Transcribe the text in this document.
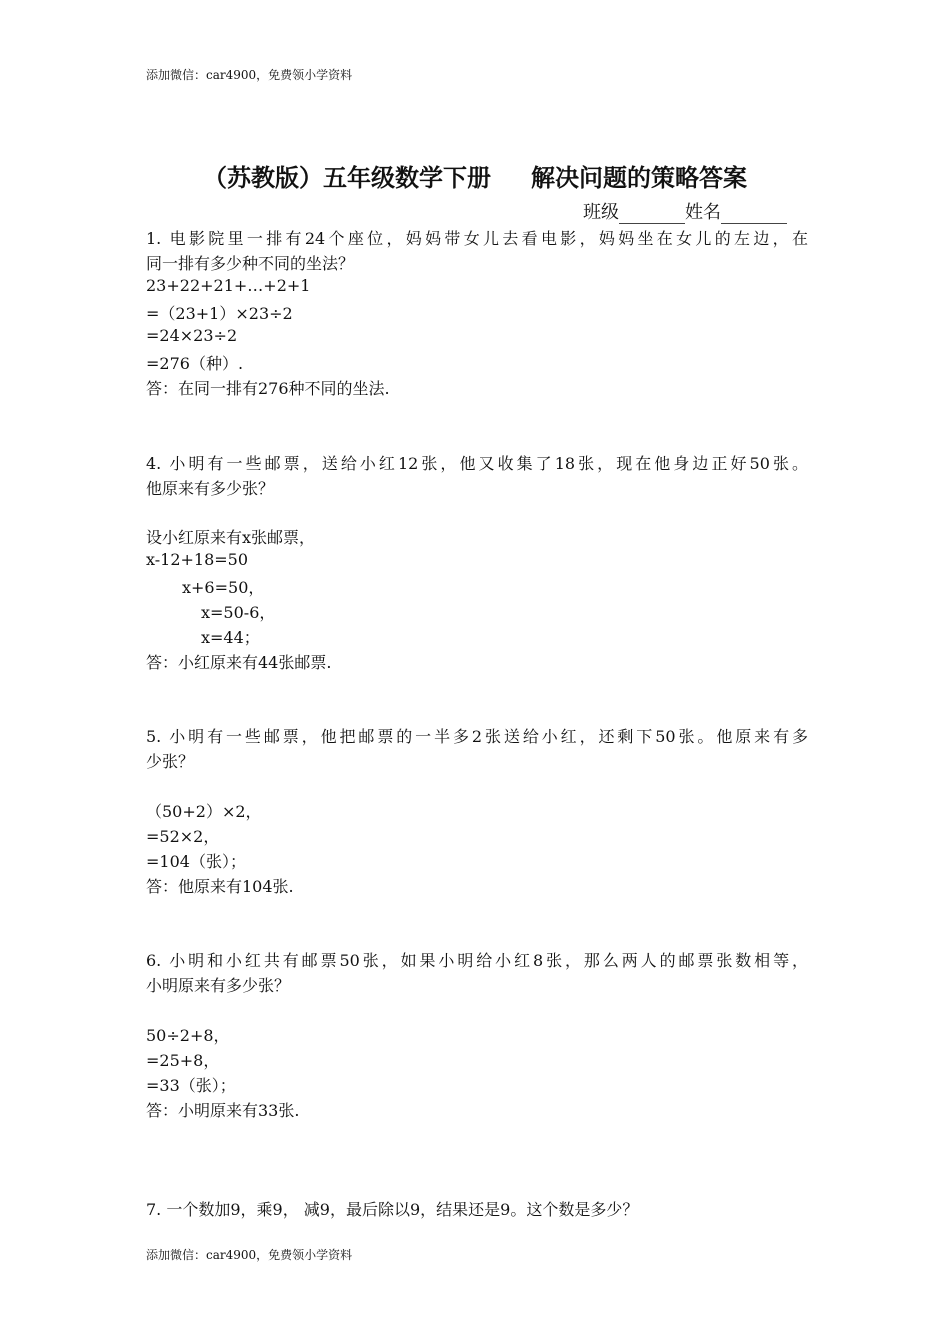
添加微信：car4900，免费领小学资料
（苏教版）五年级数学下册 解决问题的策略答案
班级	姓名
1. 电影院里一排有24个座位，妈妈带女儿去看电影，妈妈坐在女儿的左边，在
同一排有多少种不同的坐法？
23+22+21+…+2+1
=（23+1）×23÷2
=24×23÷2
=276（种）.
答：在同一排有276种不同的坐法.
4. 小明有一些邮票，送给小红12张，他又收集了18张，现在他身边正好50张。
他原来有多少张？
设小红原来有x张邮票，
x-12+18=50
x+6=50，
x=50-6，
x=44；
答：小红原来有44张邮票.
5. 小明有一些邮票，他把邮票的一半多2张送给小红，还剩下50张。他原来有多
少张？
（50+2）×2，
=52×2，
=104（张）；
答：他原来有104张.
6. 小明和小红共有邮票50张，如果小明给小红8张，那么两人的邮票张数相等，
小明原来有多少张？
50÷2+8，
=25+8，
=33（张）；
答：小明原来有33张.
7. 一个数加9，乘9， 减9，最后除以9，结果还是9。这个数是多少？
添加微信：car4900，免费领小学资料
